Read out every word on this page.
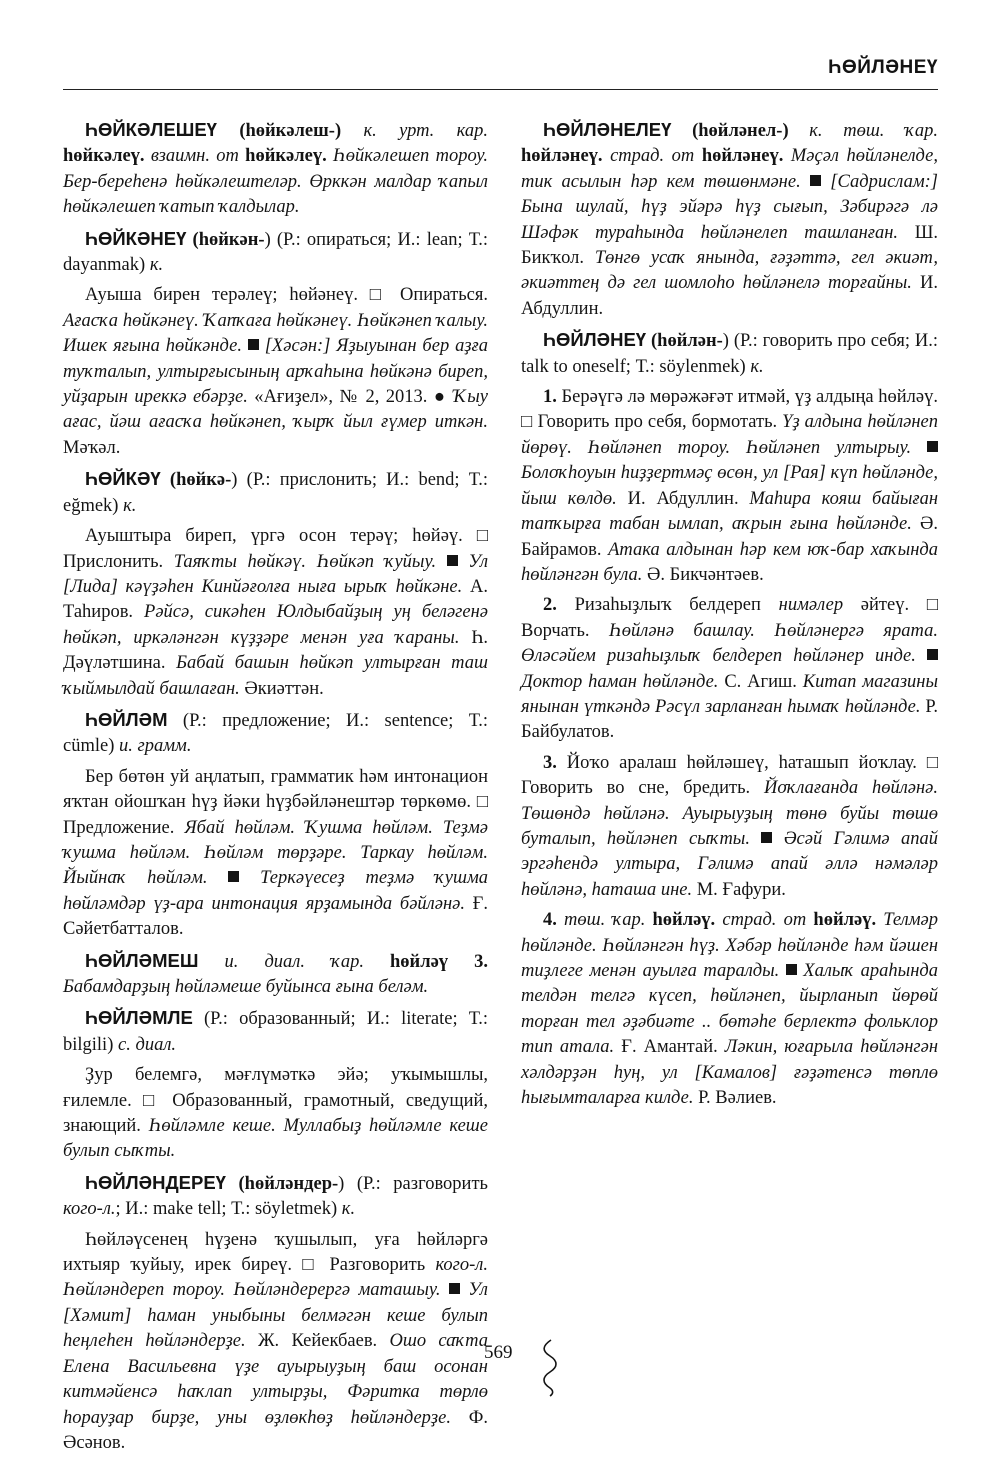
ҺӨЙЛӘНЕҮ

ҺӨЙКӘЛЕШЕҮ (һөйкәлеш-) к. урт. кар. һөйкәлеү. взаимн. от һөйкәлеү. Һөйкәлешеп тороу. Бер-береһенә һөйкәлештеләр. Өрккән малдар ҡапыл һөйкәлешеп ҡатып ҡалдылар.

ҺӨЙКӘНЕҮ (һөйкән-) (Р.: опираться; И.: lean; Т.: dayanmak) к.

Ауыша бирен терәлеү; һөйәнеү. □ Опираться. Ағасҡа һөйкәнеү. Ҡапҡаға һөйкәнеү. Һөйкәнеп ҡалыу. Ишек яғына һөйкәнде. [Хәсән:] Яҙыуынан бер аҙға туҡталып, ултырғысының арҡаһына һөйкәнә биреп, уйҙарын иреккә ебәрҙе. «Ағиҙел», № 2, 2013. ● Ҡыу ағас, йәш ағасҡа һөйкәнеп, ҡырҡ йыл ғүмер иткән. Мәҡәл.

ҺӨЙКӘҮ (һөйкә-) (Р.: прислонить; И.: bend; Т.: eğmek) к.

Ауыштыра биреп, үргә осон терәү; һөйәү. □ Прислонить. Таяҡты һөйкәү. Һөйкәп ҡуйыу. Ул [Лида] кәүҙәһен Кинйәғолға ныға ырыҡ һөйкәне. А. Таһиров. Рәйсә, сикәһен Юлдыбайҙың уң беләгенә һөйкәп, иркәләнгән күҙҙәре менән уға ҡараны. Һ. Дәүләтшина. Бабай башын һөйкәп ултырған таш ҡыймылдай башлаған. Әкиәттән.

ҺӨЙЛӘМ (Р.: предложение; И.: sentence; Т.: cümle) и. грамм.

Бер бөтөн уй аңлатып, грамматик һәм интонацион яҡтан ойошҡан һүҙ йәки һүҙбәйләнештәр төркөмө. □ Предложение. Ябай һөйләм. Ҡушма һөйләм. Теҙмә ҡушма һөйләм. Һөйләм төрҙәре. Таркау һөйләм. Йыйнаҡ һөйләм.	Теркәүесеҙ теҙмә ҡушма һөйләмдәр үҙ-ара интонация ярҙамында бәйләнә. Ғ. Сәйетбатталов.

ҺӨЙЛӘМЕШ и. диал. ҡар. һөйләү 3. Бабамдарҙың һөйләмеше буйынса ғына беләм.

ҺӨЙЛӘМЛЕ (Р.: образованный; И.: literate; Т.: bilgili) с. диал.

Ҙур белемгә, мәғлүмәткә эйә; уҡымышлы, ғилемле. □ Образованный, грамотный, сведущий, знающий. Һөйләмле кеше. Муллабыҙ һөйләмле кеше булып сыҡты.

ҺӨЙЛӘНДЕРЕҮ (һөйләндер-) (Р.: разговорить кого-л.; И.: make tell; Т.: söyletmek) к.

Һөйләүсенең һүҙенә ҡушылып, уға һөйләргә ихтыяр ҡуйыу, ирек биреү. □ Разговорить кого-л. Һөйләндереп тороу. Һөйләндерергә маташыу. Ул [Хәмит] һаман уныбыны белмәгән кеше булып һеңлеһен һөйләндерҙе. Ж. Кейекбаев. Ошо саҡта Елена Васильевна үҙе ауырыуҙың баш осонан китмәйенсә һаҡлап ултырҙы, Фәритка төрлө һорауҙар бирҙе, уны өҙлөкһөҙ һөйләндерҙе. Ф. Әсәнов.

ҺӨЙЛӘНЕЛЕҮ (һөйләнел-) к. төш. ҡар. һөйләнеү. страд. от һөйләнеү. Мәҫәл һөйләнелде, тик асылын һәр кем төшөнмәне. [Садрислам:] Бына шулай, һүҙ эйәрә һүҙ сығып, Зәбирәгә лә Шәфәк тураһында һөйләнелеп ташланған. Ш. Бикҡол. Төнгө усаҡ янында, ғәҙәттә, гел әкиәт, әкиәттең дә гел шомлоһо һөйләнелә торғайны. И. Абдуллин.

ҺӨЙЛӘНЕҮ (һөйлән-) (Р.: говорить про себя; И.: talk to oneself; Т.: söylenmek) к.

1. Берәүгә лә мөрәжәғәт итмәй, үҙ алдыңа һөйләү. □ Говорить про себя, бормотать. Үҙ алдына һөйләнеп йөрөү. Һөйләнеп тороу. Һөйләнеп ултырыу.  Болоҡһоуын һиҙҙертмәҫ өсөн, ул [Рая] күп һөйләнде, йыш көлдө. И. Абдуллин. Маһира кояш байыған тапҡырға табан ымлап, аҡрын ғына һөйләнде. Ә. Байрамов. Атака алдынан һәр кем юҡ-бар хаҡында һөйләнгән була. Ә. Бикчәнтәев.

2. Ризаһыҙлыҡ белдереп нимәлер әйтеү. □ Ворчать. Һөйләнә башлау. Һөйләнергә ярата. Өләсәйем ризаһыҙлыҡ белдереп һөйләнер инде. Доктор һаман һөйләнде. С. Агиш. Китап магазины янынан үткәндә Рәсүл зарланған һымаҡ һөйләнде. Р. Байбулатов.

3. Йоҡо аралаш һөйләшеү, һаташып йоҡлау. □ Говорить во сне, бредить. Йоҡлағанда һөйләнә. Төшөндә һөйләнә. Ауырыуҙың төнө буйы төшө буталып, һөйләнеп сыҡты. Әсәй Гәлимә апай эргәһендә ултыра, Гәлимә апай әллә нәмәләр һөйләнә, һаташа ине. М. Ғафури.

4. төш. ҡар. һөйләү. страд. от һөйләү. Телмәр һөйләнде. Һөйләнгән һүҙ. Хәбәр һөйләнде һәм йәшен тиҙлеге менән ауылға таралды. Халыҡ араһында телдән телгә күсеп, һөйләнеп, йырланып йөрөй торған тел әҙәбиәте .. бөтәһе берлектә фольклор тип атала. Ғ. Амантай. Ләкин, юғарыла һөйләнгән хәлдәрҙән һуң, ул [Камалов] ғәҙәтенсә төплө һығымталарға килде. Р. Вәлиев.

569
